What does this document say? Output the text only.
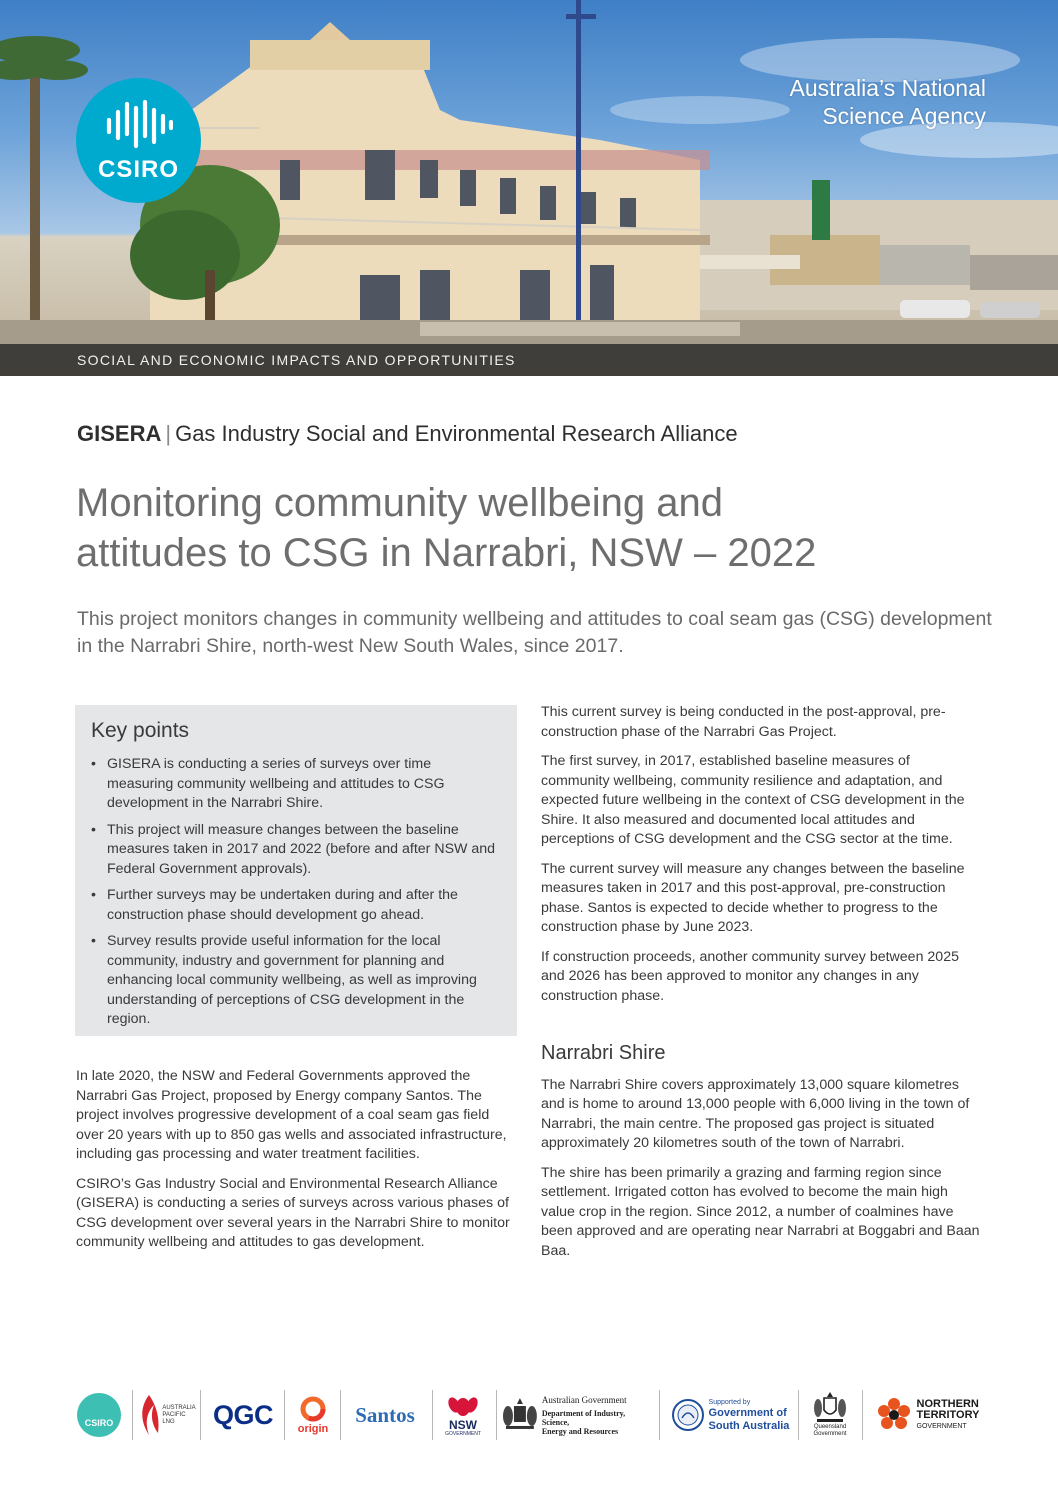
Australia’s National
Science Agency
CSIRO
SOCIAL AND ECONOMIC IMPACTS AND OPPORTUNITIES
GISERA | Gas Industry Social and Environmental Research Alliance
Monitoring community wellbeing and
attitudes to CSG in Narrabri, NSW – 2022

This project monitors changes in community wellbeing and attitudes to coal seam gas (CSG) development in the Narrabri Shire, north-west New South Wales, since 2017.

Key points
• GISERA is conducting a series of surveys over time measuring community wellbeing and attitudes to CSG development in the Narrabri Shire.
• This project will measure changes between the baseline measures taken in 2017 and 2022 (before and after NSW and Federal Government approvals).
• Further surveys may be undertaken during and after the construction phase should development go ahead.
• Survey results provide useful information for the local community, industry and government for planning and enhancing local community wellbeing, as well as improving understanding of perceptions of CSG development in the region.

In late 2020, the NSW and Federal Governments approved the Narrabri Gas Project, proposed by Energy company Santos. The project involves progressive development of a coal seam gas field over 20 years with up to 850 gas wells and associated infrastructure, including gas processing and water treatment facilities.

CSIRO’s Gas Industry Social and Environmental Research Alliance (GISERA) is conducting a series of surveys across various phases of CSG development over several years in the Narrabri Shire to monitor community wellbeing and attitudes to gas development.

This current survey is being conducted in the post-approval, pre-construction phase of the Narrabri Gas Project.

The first survey, in 2017, established baseline measures of community wellbeing, community resilience and adaptation, and expected future wellbeing in the context of CSG development in the Shire. It also measured and documented local attitudes and perceptions of CSG development and the CSG sector at the time.

The current survey will measure any changes between the baseline measures taken in 2017 and this post-approval, pre-construction phase. Santos is expected to decide whether to progress to the construction phase by June 2023.

If construction proceeds, another community survey between 2025 and 2026 has been approved to monitor any changes in any construction phase.

Narrabri Shire

The Narrabri Shire covers approximately 13,000 square kilometres and is home to around 13,000 people with 6,000 living in the town of Narrabri, the main centre. The proposed gas project is situated approximately 20 kilometres south of the town of Narrabri.

The shire has been primarily a grazing and farming region since settlement. Irrigated cotton has evolved to become the main high value crop in the region. Since 2012, a number of coalmines have been approved and are operating near Narrabri at Boggabri and Baan Baa.

CSIRO
AUSTRALIA
PACIFIC
LNG	QGC origin
Santos	NSW
GOVERNMENT
Australian Government
Department of Industry, Science,
Energy and Resources
Supported by
Government of
South Australia	Queensland
Government
NORTHERN
TERRITORY
GOVERNMENT
